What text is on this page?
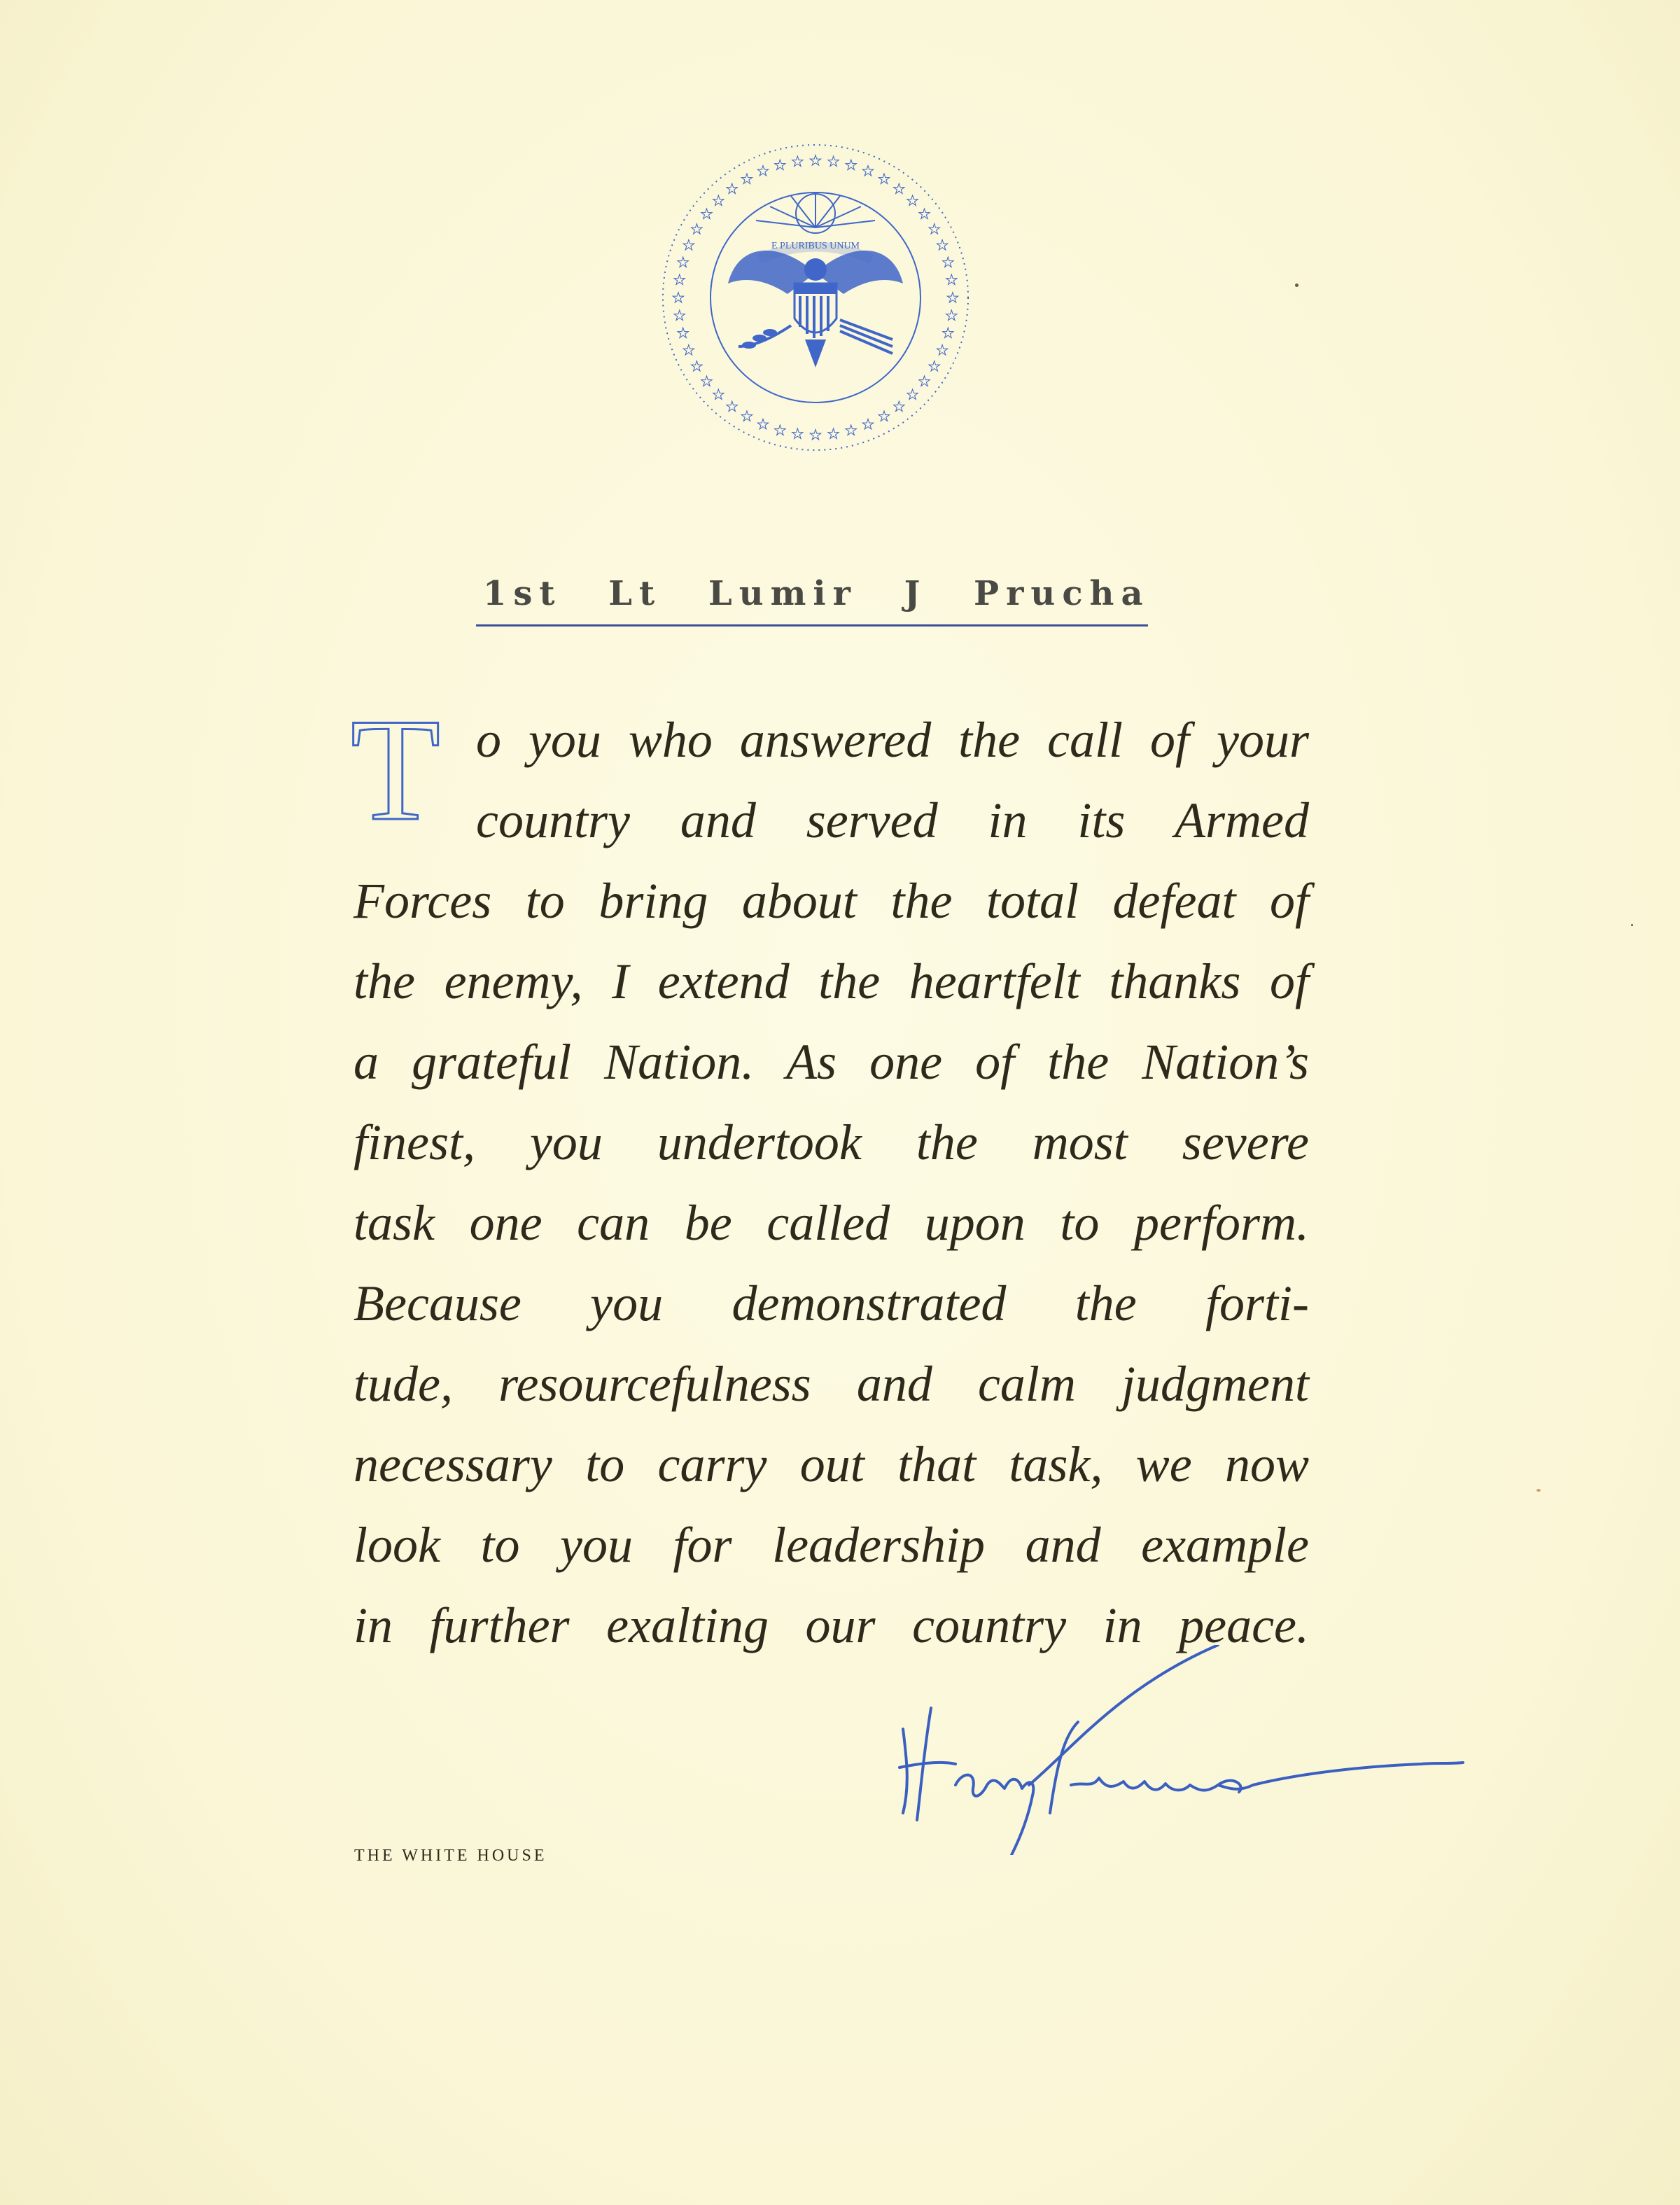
★
★
★
★
★
★
★
★
★
★
★
★
★
★
★
★
★
★
★
★
★
★
★
★
★
★
★
★
★
★
★
★
★ ★ ★ ★ ★ ★ ★ ★ ★
★
★
★
★
★
★
★
E PLURIBUS UNUM
1st Lt Lumir J Prucha
T o you who answered the call of your
country and served in its Armed
Forces to bring about the total defeat of
the enemy, I extend the heartfelt thanks of
a grateful Nation. As one of the Nation’s
finest, you undertook the most severe
task one can be called upon to perform.
Because you demonstrated the forti-
tude, resourcefulness and calm judgment
necessary to carry out that task, we now
look to you for leadership and example
in further exalting our country in peace.
THE WHITE HOUSE
